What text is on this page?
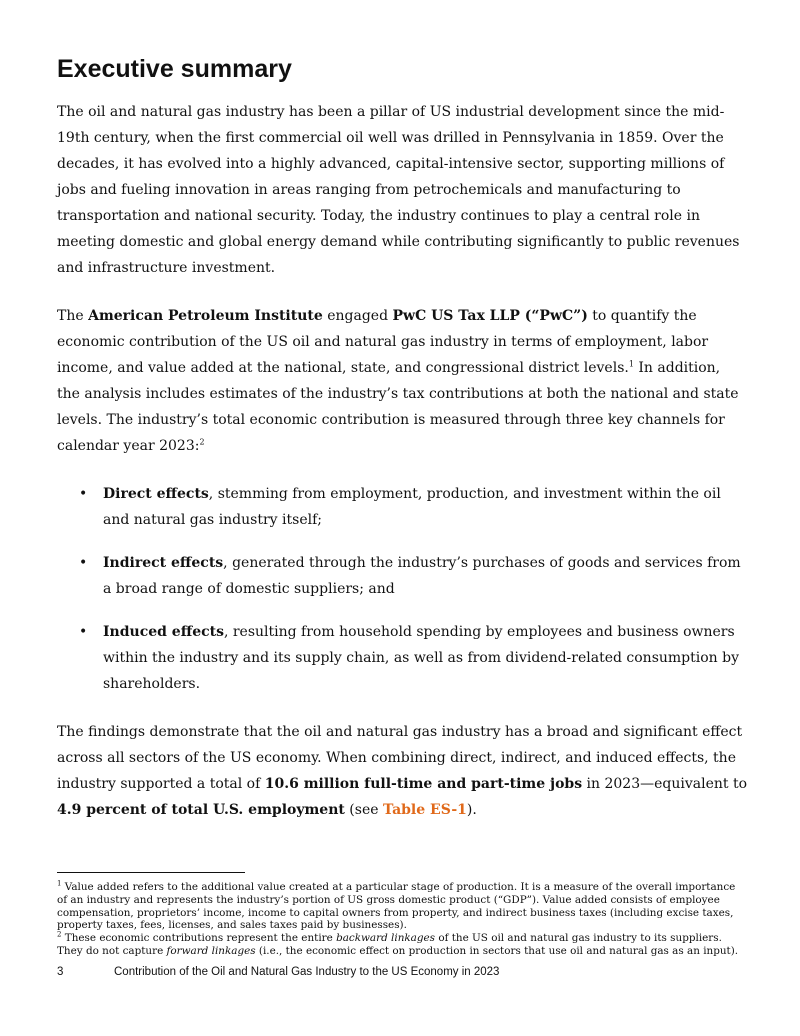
Executive summary

The oil and natural gas industry has been a pillar of US industrial development since the mid-19th century, when the first commercial oil well was drilled in Pennsylvania in 1859. Over the decades, it has evolved into a highly advanced, capital-intensive sector, supporting millions of jobs and fueling innovation in areas ranging from petrochemicals and manufacturing to transportation and national security. Today, the industry continues to play a central role in meeting domestic and global energy demand while contributing significantly to public revenues and infrastructure investment.

The American Petroleum Institute engaged PwC US Tax LLP (“PwC”) to quantify the economic contribution of the US oil and natural gas industry in terms of employment, labor income, and value added at the national, state, and congressional district levels.$^1$ In addition, the analysis includes estimates of the industry’s tax contributions at both the national and state levels. The industry’s total economic contribution is measured through three key channels for calendar year 2023:$^2$

• Direct effects, stemming from employment, production, and investment within the oil and natural gas industry itself;
• Indirect effects, generated through the industry’s purchases of goods and services from a broad range of domestic suppliers; and
• Induced effects, resulting from household spending by employees and business owners within the industry and its supply chain, as well as from dividend-related consumption by shareholders.

The findings demonstrate that the oil and natural gas industry has a broad and significant effect across all sectors of the US economy. When combining direct, indirect, and induced effects, the industry supported a total of 10.6 million full-time and part-time jobs in 2023—equivalent to 4.9 percent of total U.S. employment (see Table ES-1).

$^1$ Value added refers to the additional value created at a particular stage of production. It is a measure of the overall importance of an industry and represents the industry’s portion of US gross domestic product (“GDP”). Value added consists of employee compensation, proprietors’ income, income to capital owners from property, and indirect business taxes (including excise taxes, property taxes, fees, licenses, and sales taxes paid by businesses).

$^2$ These economic contributions represent the entire backward linkages of the US oil and natural gas industry to its suppliers. They do not capture forward linkages (i.e., the economic effect on production in sectors that use oil and natural gas as an input).

3	Contribution of the Oil and Natural Gas Industry to the US Economy in 2023
